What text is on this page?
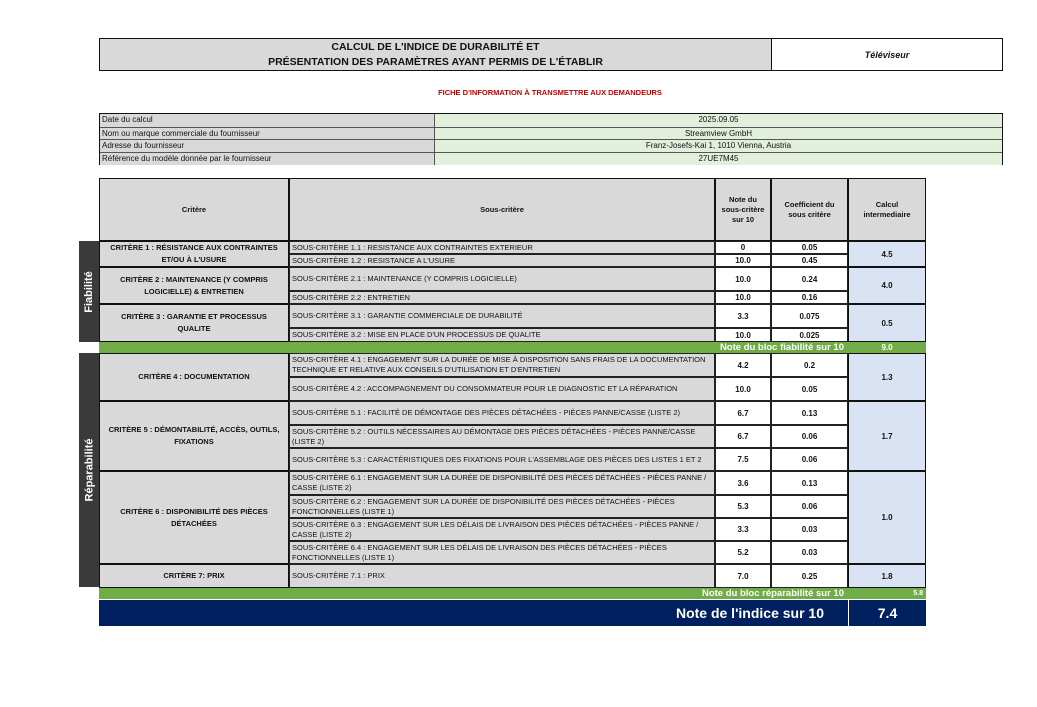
CALCUL DE L'INDICE DE DURABILITÉ ET
PRÉSENTATION DES PARAMÈTRES AYANT PERMIS DE L'ÉTABLIR
Téléviseur
FICHE D'INFORMATION À TRANSMETTRE AUX DEMANDEURS
Date du calcul	2025.09.05
Nom ou marque commerciale du fournisseur	Streamview GmbH
Adresse du fournisseur	Franz-Josefs-Kai 1, 1010 Vienna, Austria
Référence du modèle donnée par le fournisseur	27UE7M45
Critère	Sous-critère
Note du
sous-critère
sur 10
Coefficient du
sous critère
Calcul
intermediaire
Fiabilité
Réparabilité
CRITÈRE 1 : RÉSISTANCE AUX CONTRAINTES ET/OU À L'USURE
SOUS-CRITÈRE 1.1 : RESISTANCE AUX CONTRAINTES EXTERIEUR	0	0.05
SOUS-CRITÈRE 1.2 : RESISTANCE A L'USURE	10.0	0.45
4.5
CRITÈRE 2 : MAINTENANCE (Y COMPRIS LOGICIELLE) & ENTRETIEN
SOUS-CRITÈRE 2.1 : MAINTENANCE (Y COMPRIS LOGICIELLE)	10.0	0.24
SOUS-CRITÈRE 2.2 : ENTRETIEN	10.0	0.16
4.0
CRITÈRE 3 : GARANTIE ET PROCESSUS QUALITE
SOUS-CRITÈRE 3.1 : GARANTIE COMMERCIALE DE DURABILITÉ	3.3	0.075
SOUS-CRITÈRE 3.2 : MISE EN PLACE D'UN PROCESSUS DE QUALITE	10.0	0.025
0.5
CRITÈRE 4 : DOCUMENTATION
SOUS-CRITÈRE 4.1 : ENGAGEMENT SUR LA DURÉE DE MISE À DISPOSITION SANS FRAIS DE LA DOCUMENTATION TECHNIQUE ET RELATIVE AUX CONSEILS D'UTILISATION ET D'ENTRETIEN	4.2	0.2
SOUS-CRITÈRE 4.2 : ACCOMPAGNEMENT DU CONSOMMATEUR POUR LE DIAGNOSTIC ET LA RÉPARATION	10.0	0.05
1.3
CRITÈRE 5 : DÉMONTABILITÉ, ACCÈS, OUTILS, FIXATIONS
SOUS-CRITÈRE 5.1 : FACILITÉ DE DÉMONTAGE DES PIÈCES DÉTACHÉES - PIÈCES PANNE/CASSE (LISTE 2)	6.7	0.13
SOUS-CRITÈRE 5.2 : OUTILS NÉCESSAIRES AU DÉMONTAGE DES PIÈCES DÉTACHÉES - PIÈCES PANNE/CASSE (LISTE 2)	6.7	0.06
SOUS-CRITÈRE 5.3 : CARACTÉRISTIQUES DES FIXATIONS POUR L'ASSEMBLAGE DES PIÈCES DES LISTES 1 ET 2	7.5	0.06
1.7
CRITÈRE 6 : DISPONIBILITÉ DES PIÈCES DÉTACHÉES
SOUS-CRITÈRE 6.1 : ENGAGEMENT SUR LA DURÉE DE DISPONIBILITÉ DES PIÈCES DÉTACHÉES - PIÈCES PANNE / CASSE (LISTE 2)	3.6	0.13
SOUS-CRITÈRE 6.2 : ENGAGEMENT SUR LA DURÉE DE DISPONIBILITÉ DES PIÈCES DÉTACHÉES - PIÈCES FONCTIONNELLES (LISTE 1)	5.3	0.06
SOUS-CRITÈRE 6.3 : ENGAGEMENT SUR LES DÉLAIS DE LIVRAISON DES PIÈCES DÉTACHÉES - PIÈCES PANNE / CASSE (LISTE 2)	3.3	0.03
SOUS-CRITÈRE 6.4 : ENGAGEMENT SUR LES DÉLAIS DE LIVRAISON DES PIÈCES DÉTACHÉES - PIÈCES FONCTIONNELLES (LISTE 1)	5.2	0.03
1.0
CRITÈRE 7: PRIX	SOUS-CRITÈRE 7.1 : PRIX	7.0	0.25	1.8
Note du bloc fiabilité sur 10	9.0
Note du bloc réparabilité sur 10	5.8
Note de l'indice sur 10	7.4
